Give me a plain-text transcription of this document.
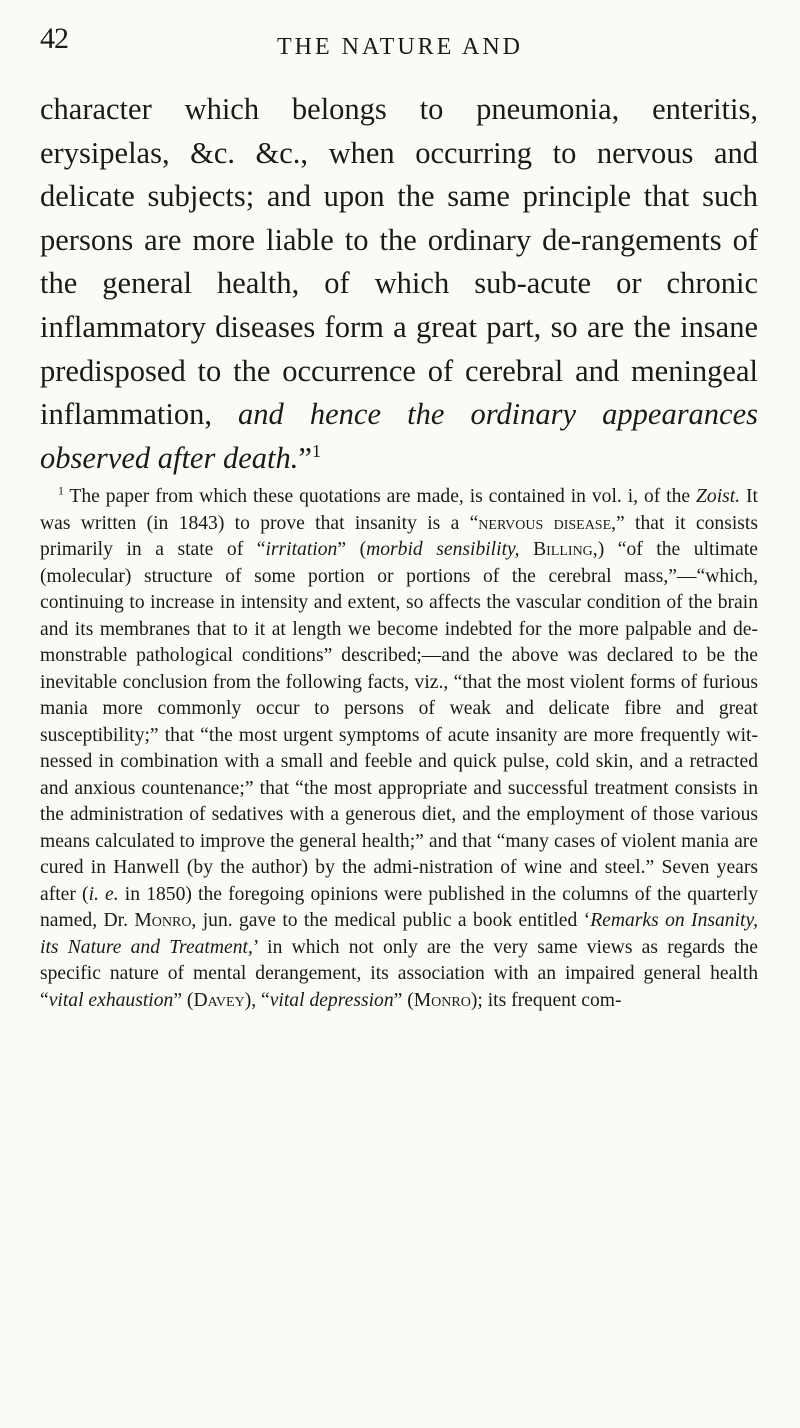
42	THE NATURE AND

character which belongs to pneumonia, enteritis, erysipelas, &c. &c., when occurring to nervous and delicate subjects; and upon the same principle that such persons are more liable to the ordinary de-rangements of the general health, of which sub-acute or chronic inflammatory diseases form a great part, so are the insane predisposed to the occurrence of cerebral and meningeal inflammation, and hence the ordinary appearances observed after death.”$^1$

$^1$ The paper from which these quotations are made, is contained in vol. i, of the Zoist. It was written (in 1843) to prove that insanity is a “nervous disease,” that it consists primarily in a state of “irritation” (morbid sensibility, Billing,) “of the ultimate (molecular) structure of some portion or portions of the cerebral mass,”—“which, continuing to increase in intensity and extent, so affects the vascular condition of the brain and its membranes that to it at length we become indebted for the more palpable and de-monstrable pathological conditions” described;—and the above was declared to be the inevitable conclusion from the following facts, viz., “that the most violent forms of furious mania more commonly occur to persons of weak and delicate fibre and great susceptibility;” that “the most urgent symptoms of acute insanity are more frequently wit-nessed in combination with a small and feeble and quick pulse, cold skin, and a retracted and anxious countenance;” that “the most appropriate and successful treatment consists in the administration of sedatives with a generous diet, and the employment of those various means calculated to improve the general health;” and that “many cases of violent mania are cured in Hanwell (by the author) by the admi-nistration of wine and steel.” Seven years after (i. e. in 1850) the foregoing opinions were published in the columns of the quarterly named, Dr. Monro, jun. gave to the medical public a book entitled ‘Remarks on Insanity, its Nature and Treatment,’ in which not only are the very same views as regards the specific nature of mental derangement, its association with an impaired general health “vital exhaustion” (Davey), “vital depression” (Monro); its frequent com-
